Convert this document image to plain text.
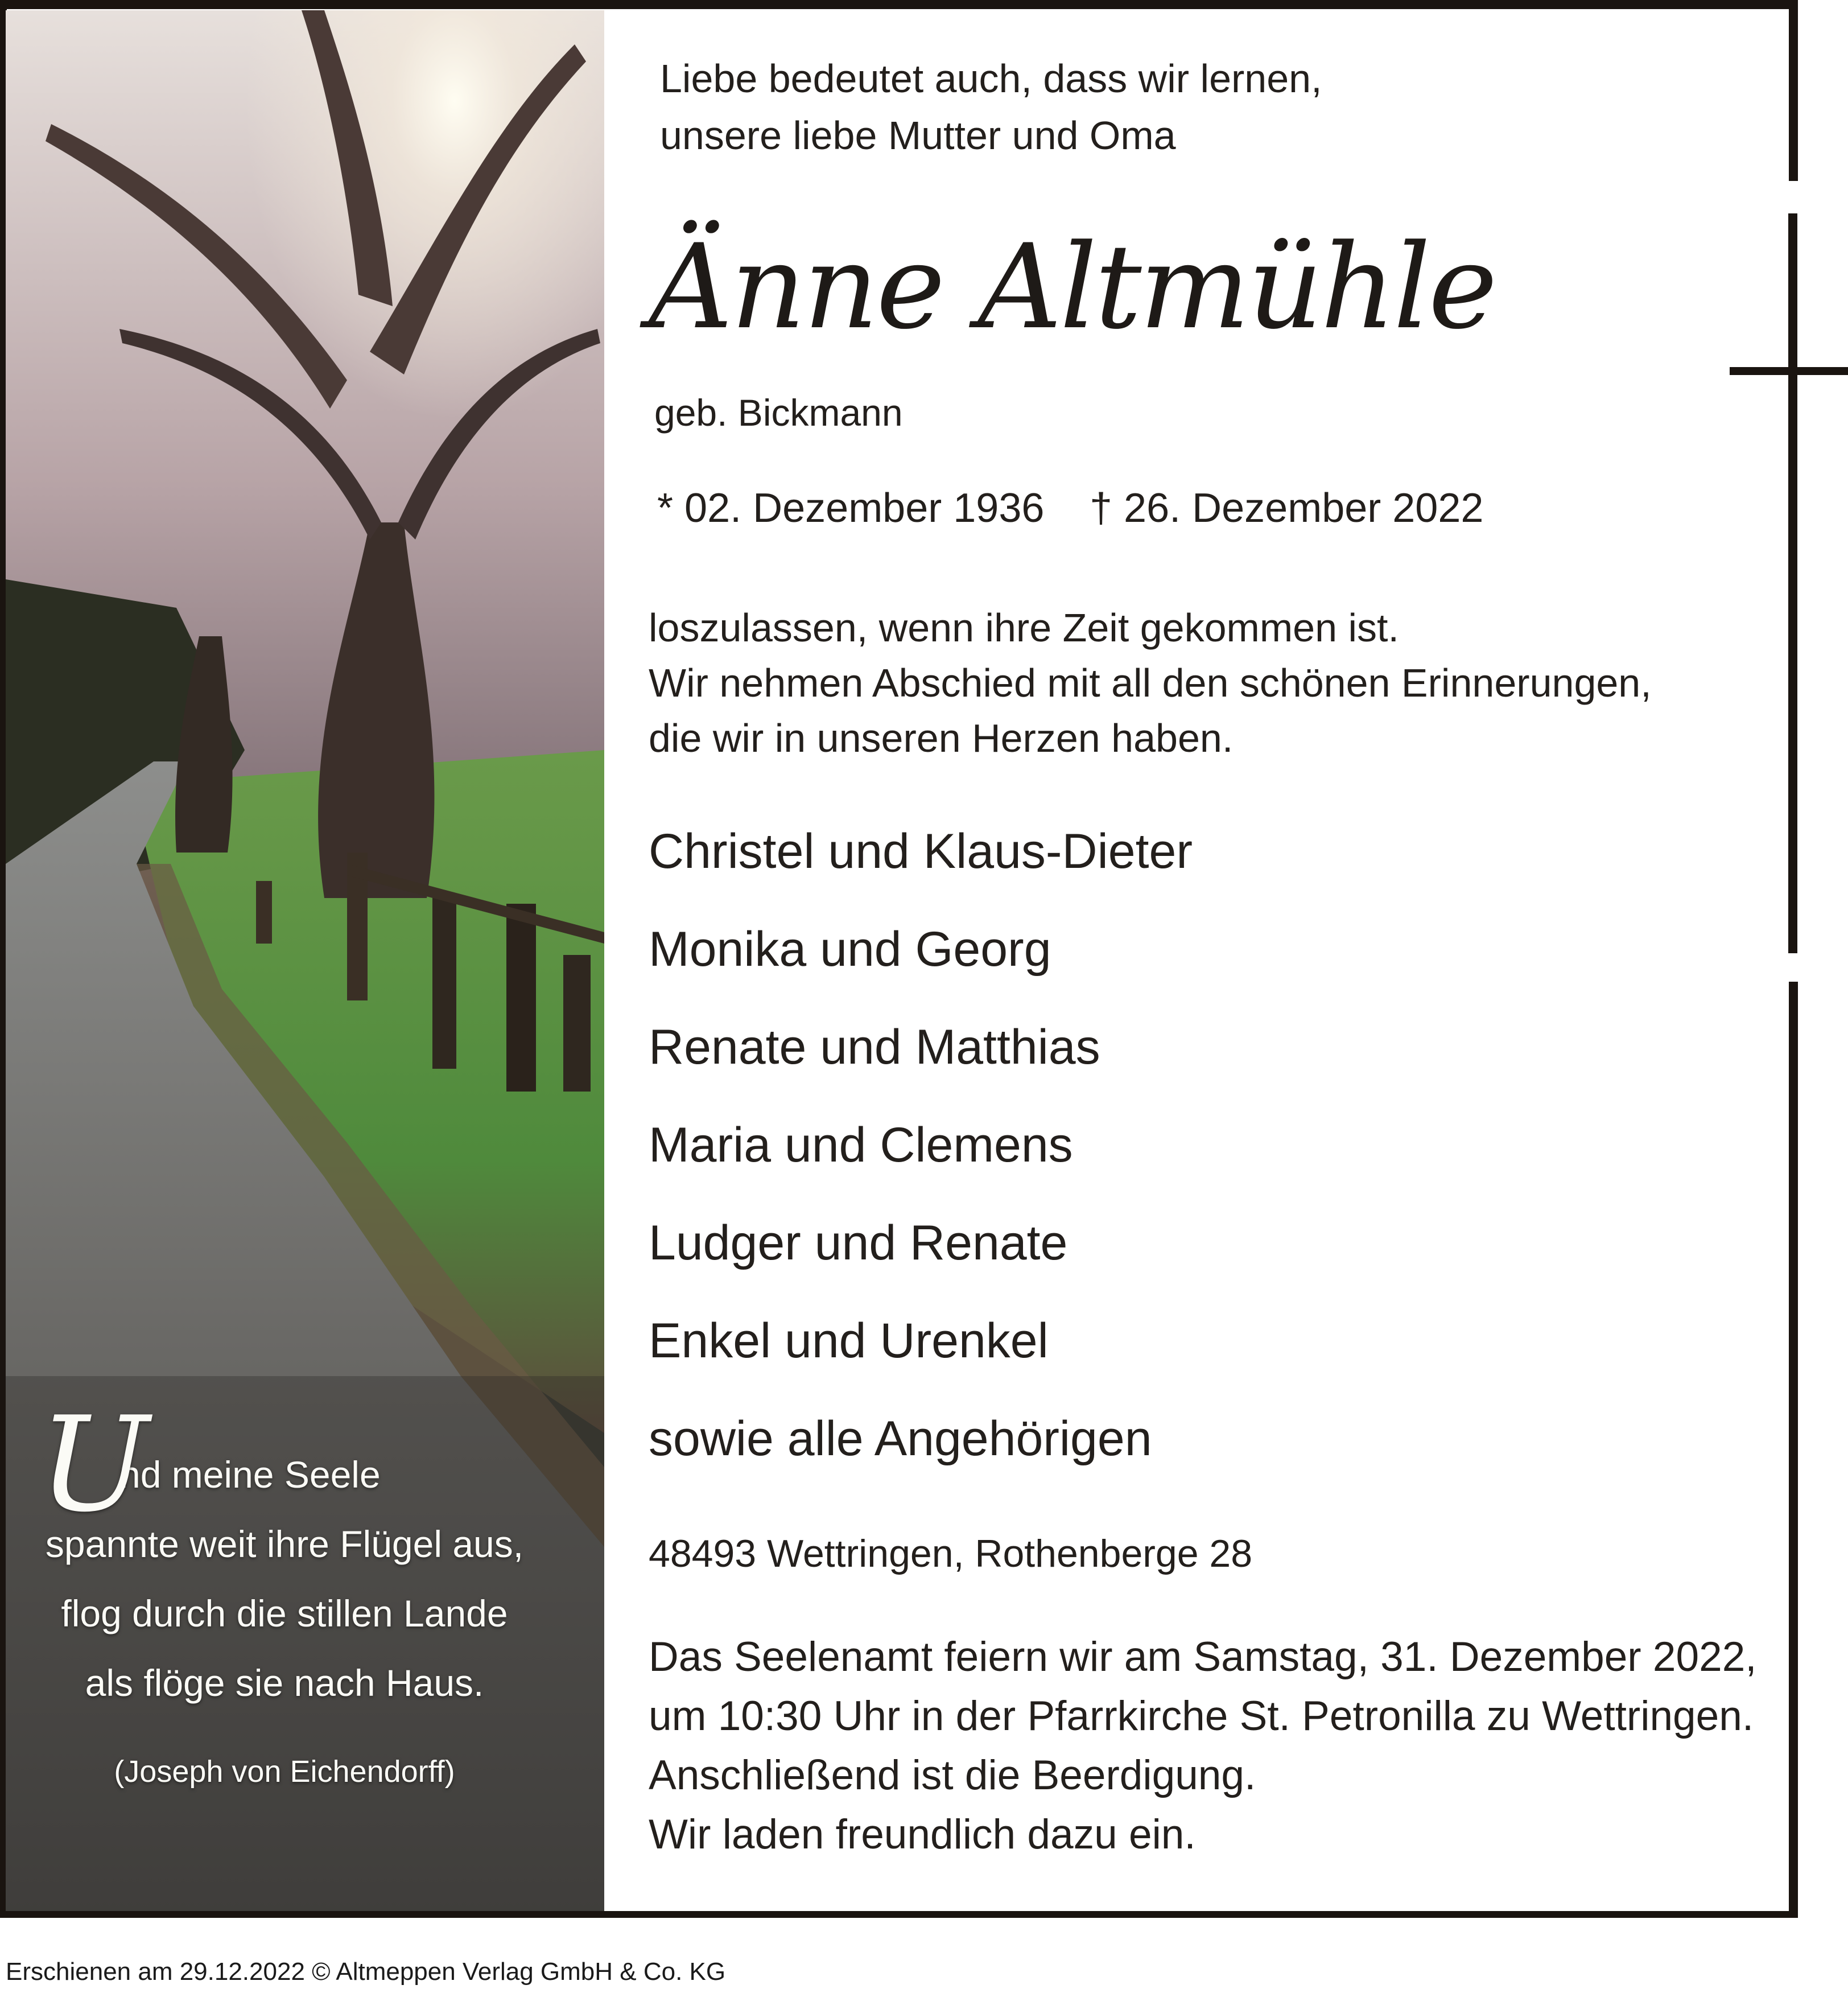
U
nd meine Seele
spannte weit ihre Flügel aus,
flog durch die stillen Lande
als flöge sie nach Haus.
(Joseph von Eichendorff)
Liebe bedeutet auch, dass wir lernen,
unsere liebe Mutter und Oma
Änne Altmühle
geb. Bickmann
* 02. Dezember 1936 † 26. Dezember 2022
loszulassen, wenn ihre Zeit gekommen ist.
Wir nehmen Abschied mit all den schönen Erinnerungen,
die wir in unseren Herzen haben.
Christel und Klaus-Dieter
Monika und Georg
Renate und Matthias
Maria und Clemens
Ludger und Renate
Enkel und Urenkel
sowie alle Angehörigen
48493 Wettringen, Rothenberge 28
Das Seelenamt feiern wir am Samstag, 31. Dezember 2022,
um 10:30 Uhr in der Pfarrkirche St. Petronilla zu Wettringen.
Anschließend ist die Beerdigung.
Wir laden freundlich dazu ein.
Erschienen am 29.12.2022 © Altmeppen Verlag GmbH & Co. KG
